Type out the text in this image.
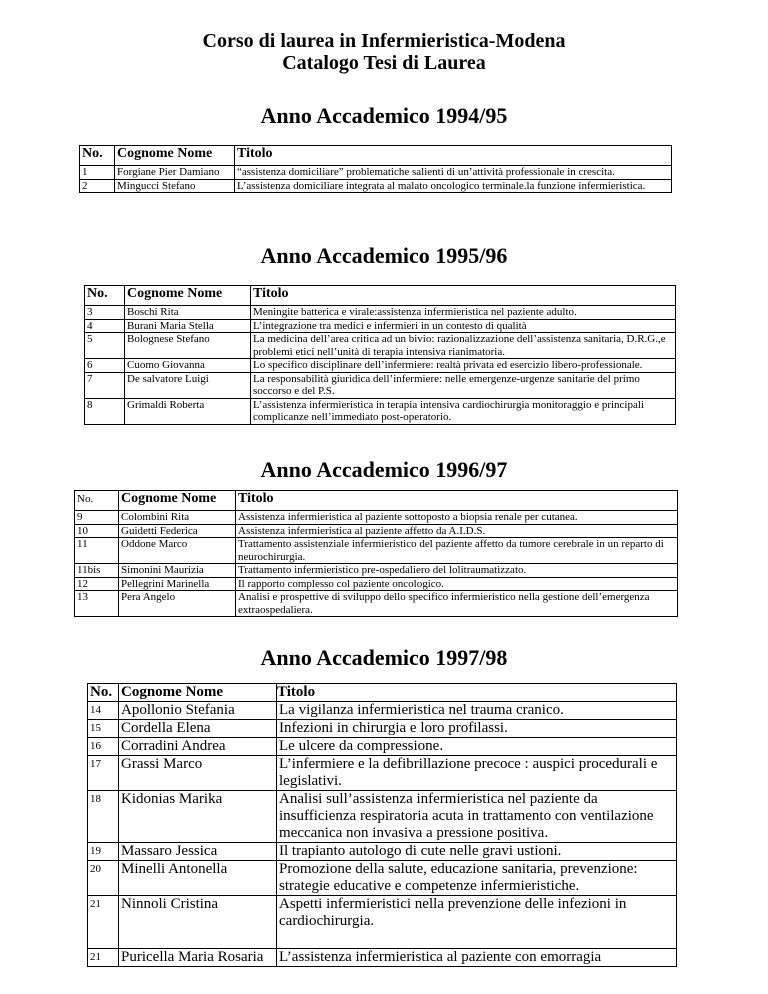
Corso di laurea in Infermieristica-Modena
Catalogo Tesi di Laurea
Anno Accademico 1994/95
No.	Cognome Nome	Titolo
1	Forgiane Pier Damiano	“assistenza domiciliare” problematiche salienti di un’attività professionale in crescita.
2	Mingucci Stefano	L’assistenza domiciliare integrata al malato oncologico terminale.la funzione infermieristica.
Anno Accademico 1995/96
No.	Cognome Nome	Titolo
3	Boschi Rita	Meningite batterica e virale:assistenza infermieristica nel paziente adulto.
4	Burani Maria Stella	L’integrazione tra medici e infermieri in un contesto di qualità
5	Bolognese Stefano	La medicina dell’area critica ad un bivio: razionalizzazione dell’assistenza sanitaria, D.R.G.,e problemi etici nell’unità di terapia intensiva rianimatoria.
6	Cuomo Giovanna	Lo specifico disciplinare dell’infermiere: realtà privata ed esercizio libero-professionale.
7	De salvatore Luigi	La responsabilità giuridica dell’infermiere: nelle emergenze-urgenze sanitarie del primo soccorso e del P.S.
8	Grimaldi Roberta	L’assistenza infermieristica in terapia intensiva cardiochirurgia monitoraggio e principali complicanze nell’immediato post-operatorio.
Anno Accademico 1996/97
No.	Cognome Nome	Titolo
9	Colombini Rita	Assistenza infermieristica al paziente sottoposto a biopsia renale per cutanea.
10	Guidetti Federica	Assistenza infermieristica al paziente affetto da A.I.D.S.
11	Oddone Marco	Trattamento assistenziale infermieristico del paziente affetto da tumore cerebrale in un reparto di neurochirurgia.
11bis	Simonini Maurizia	Trattamento infermieristico pre-ospedaliero del lolitraumatizzato.
12	Pellegrini Marinella	Il rapporto complesso col paziente oncologico.
13	Pera Angelo	Analisi e prospettive di sviluppo dello specifico infermieristico nella gestione dell’emergenza extraospedaliera.
Anno Accademico 1997/98
No.	Cognome Nome	Titolo
14	Apollonio Stefania	La vigilanza infermieristica nel trauma cranico.
15	Cordella Elena	Infezioni in chirurgia e loro profilassi.
16	Corradini Andrea	Le ulcere da compressione.
17	Grassi Marco	L’infermiere e la defibrillazione precoce : auspici procedurali e legislativi.
18	Kidonias Marika	Analisi sull’assistenza infermieristica nel paziente da insufficienza respiratoria acuta in trattamento con ventilazione meccanica non invasiva a pressione positiva.
19	Massaro Jessica	Il trapianto autologo di cute nelle gravi ustioni.
20	Minelli Antonella	Promozione della salute, educazione sanitaria, prevenzione: strategie educative e competenze infermieristiche.
21	Ninnoli Cristina	Aspetti infermieristici nella prevenzione delle infezioni in cardiochirurgia.
21	Puricella Maria Rosaria	L’assistenza infermieristica al paziente con emorragia
